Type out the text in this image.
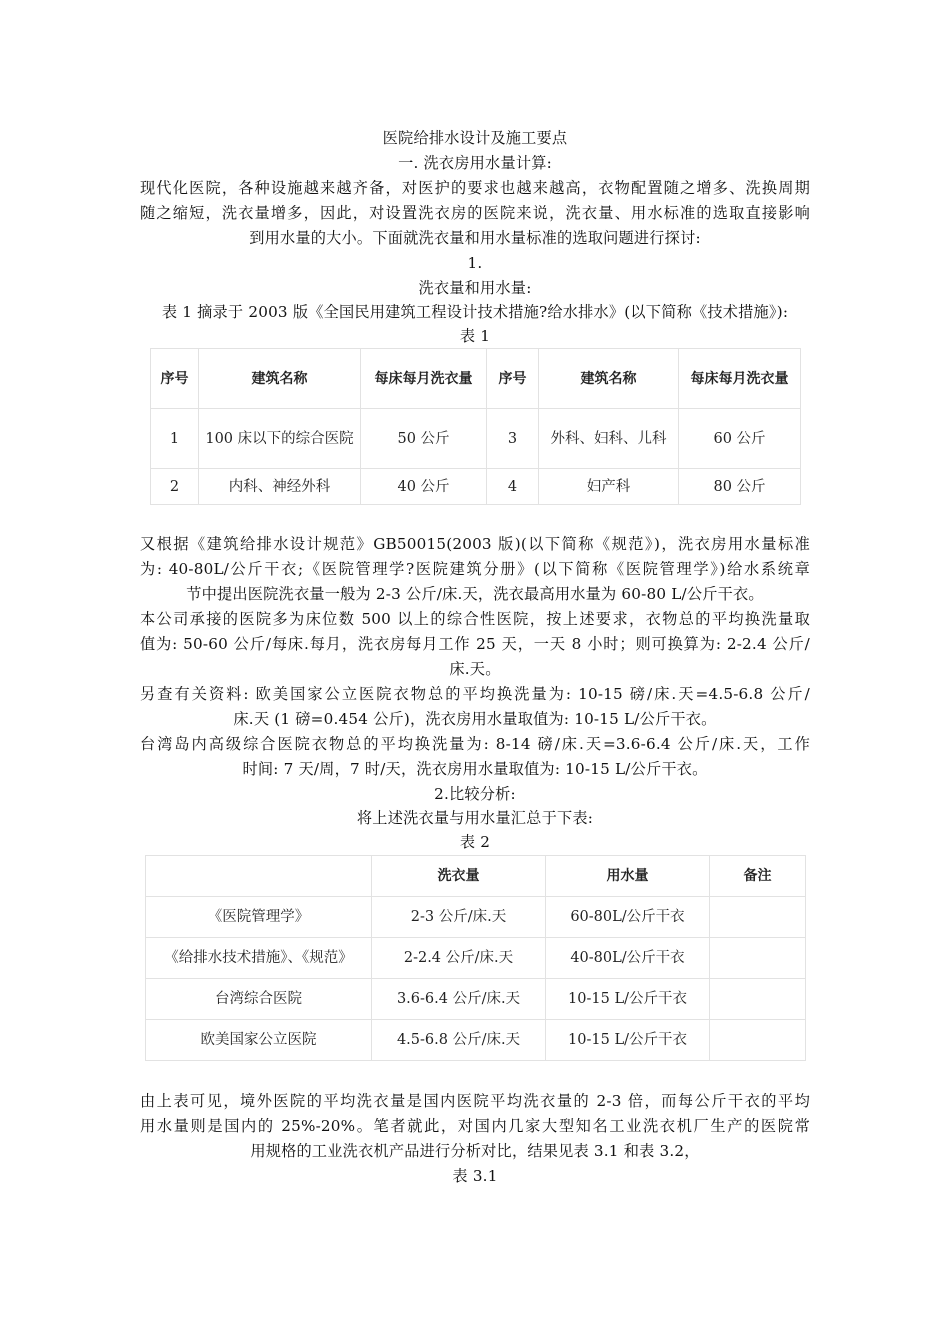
医院给排水设计及施工要点
一. 洗衣房用水量计算:
现代化医院，各种设施越来越齐备，对医护的要求也越来越高，衣物配置随之增多、洗换周期
随之缩短，洗衣量增多，因此，对设置洗衣房的医院来说，洗衣量、用水标准的选取直接影响
到用水量的大小。下面就洗衣量和用水量标准的选取问题进行探讨:
1.
洗衣量和用水量:
表 1 摘录于 2003 版《全国民用建筑工程设计技术措施?给水排水》(以下简称《技术措施》):
表 1
序号	建筑名称	每床每月洗衣量	序号	建筑名称	每床每月洗衣量
1	100 床以下的综合医院	50 公斤	3	外科、妇科、儿科	60 公斤
2	内科、神经外科	40 公斤	4	妇产科	80 公斤
又根据《建筑给排水设计规范》GB50015(2003 版)(以下简称《规范》)，洗衣房用水量标准
为: 40-80L/公斤干衣;《医院管理学?医院建筑分册》(以下简称《医院管理学》)给水系统章
节中提出医院洗衣量一般为 2-3 公斤/床.天，洗衣最高用水量为 60-80 L/公斤干衣。
本公司承接的医院多为床位数 500 以上的综合性医院，按上述要求，衣物总的平均换洗量取
值为: 50-60 公斤/每床.每月，洗衣房每月工作 25 天，一天 8 小时；则可换算为: 2-2.4 公斤/
床.天。
另查有关资料: 欧美国家公立医院衣物总的平均换洗量为: 10-15 磅/床.天=4.5-6.8 公斤/
床.天 (1 磅=0.454 公斤)，洗衣房用水量取值为: 10-15 L/公斤干衣。
台湾岛内高级综合医院衣物总的平均换洗量为: 8-14 磅/床.天=3.6-6.4 公斤/床.天，工作
时间: 7 天/周，7 时/天，洗衣房用水量取值为: 10-15 L/公斤干衣。
2.比较分析:
将上述洗衣量与用水量汇总于下表:
表 2
	洗衣量	用水量	备注
《医院管理学》	2-3 公斤/床.天	60-80L/公斤干衣	
《给排水技术措施》、《规范》	2-2.4 公斤/床.天	40-80L/公斤干衣	
台湾综合医院	3.6-6.4 公斤/床.天	10-15 L/公斤干衣	
欧美国家公立医院	4.5-6.8 公斤/床.天	10-15 L/公斤干衣	
由上表可见，境外医院的平均洗衣量是国内医院平均洗衣量的 2-3 倍，而每公斤干衣的平均
用水量则是国内的 25%-20%。笔者就此，对国内几家大型知名工业洗衣机厂生产的医院常
用规格的工业洗衣机产品进行分析对比，结果见表 3.1 和表 3.2，
表 3.1
